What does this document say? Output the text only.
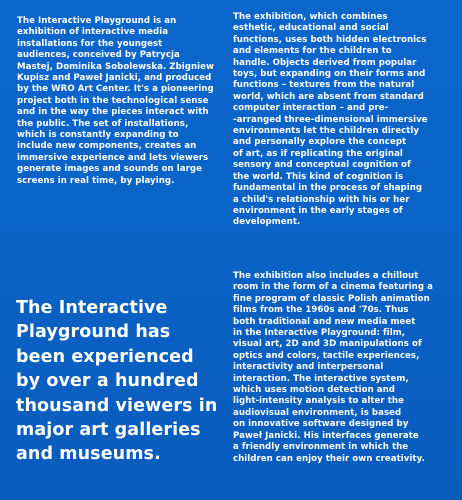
The Interactive Playground is an
exhibition of interactive media
installations for the youngest
audiences, conceived by Patrycja
Mastej, Dominika Sobolewska. Zbigniew
Kupisz and Paweł Janicki, and produced
by the WRO Art Center. It's a pioneering
project both in the technological sense
and in the way the pieces interact with
the public. The set of installations,
which is constantly expanding to
include new components, creates an
immersive experience and lets viewers
generate images and sounds on large
screens in real time, by playing.
The exhibition, which combines
esthetic, educational and social
functions, uses both hidden electronics
and elements for the children to
handle. Objects derived from popular
toys, but expanding on their forms and
functions – textures from the natural
world, which are absent from standard
computer interaction – and pre-
-arranged three-dimensional immersive
environments let the children directly
and personally explore the concept
of art, as if replicating the original
sensory and conceptual cognition of
the world. This kind of cognition is
fundamental in the process of shaping
a child's relationship with his or her
environment in the early stages of
development.
The exhibition also includes a chillout
room in the form of a cinema featuring a
fine program of classic Polish animation
films from the 1960s and '70s. Thus
both traditional and new media meet
in the Interactive Playground: film,
visual art, 2D and 3D manipulations of
optics and colors, tactile experiences,
interactivity and interpersonal
interaction. The interactive system,
which uses motion detection and
light-intensity analysis to alter the
audiovisual environment, is based
on innovative software designed by
Paweł Janicki. His interfaces generate
a friendly environment in which the
children can enjoy their own creativity.
The Interactive
Playground has
been experienced
by over a hundred
thousand viewers in
major art galleries
and museums.
